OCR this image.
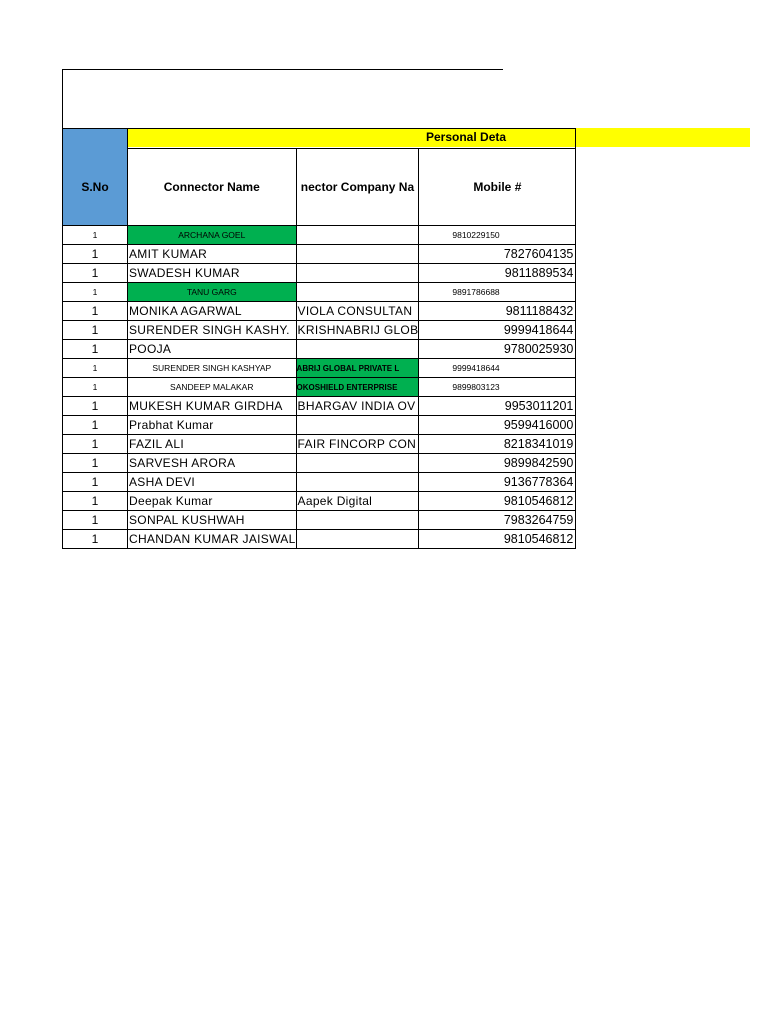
Personal Deta

S.No	Connector Name	nector Company Na	Mobile #
1	ARCHANA GOEL		9810229150
1	AMIT KUMAR		7827604135
1	SWADESH KUMAR		9811889534
1	TANU GARG		9891786688
1	MONIKA AGARWAL	VIOLA CONSULTAN	9811188432
1	SURENDER SINGH KASHY.	KRISHNABRIJ GLOB	9999418644
1	POOJA		9780025930
1	SURENDER SINGH KASHYAP	ABRIJ GLOBAL PRIVATE L	9999418644
1	SANDEEP MALAKAR	OKOSHIELD ENTERPRISE	9899803123
1	MUKESH KUMAR GIRDHA	BHARGAV INDIA OV	9953011201
1	Prabhat Kumar		9599416000
1	FAZIL ALI	FAIR FINCORP CON	8218341019
1	SARVESH ARORA		9899842590
1	ASHA DEVI		9136778364
1	Deepak Kumar	Aapek Digital	9810546812
1	SONPAL KUSHWAH		7983264759
1	CHANDAN KUMAR JAISWAL		9810546812
